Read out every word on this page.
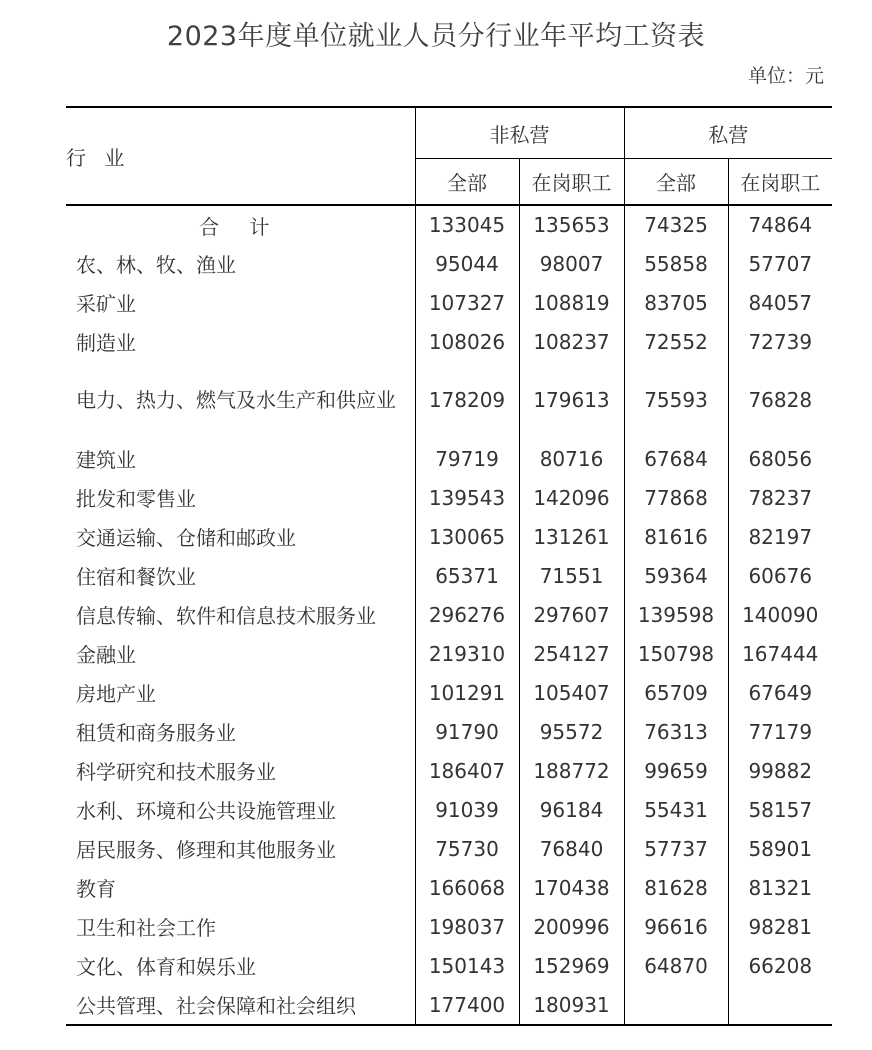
2023年度单位就业人员分行业年平均工资表
单位：元
行 业	非私营		私营	
	全部	在岗职工	全部	在岗职工
合 计	133045	135653	74325	74864
农、林、牧、渔业	95044	98007	55858	57707
采矿业	107327	108819	83705	84057
制造业	108026	108237	72552	72739
电力、热力、燃气及水生产和供应业	178209	179613	75593	76828
建筑业	79719	80716	67684	68056
批发和零售业	139543	142096	77868	78237
交通运输、仓储和邮政业	130065	131261	81616	82197
住宿和餐饮业	65371	71551	59364	60676
信息传输、软件和信息技术服务业	296276	297607	139598	140090
金融业	219310	254127	150798	167444
房地产业	101291	105407	65709	67649
租赁和商务服务业	91790	95572	76313	77179
科学研究和技术服务业	186407	188772	99659	99882
水利、环境和公共设施管理业	91039	96184	55431	58157
居民服务、修理和其他服务业	75730	76840	57737	58901
教育	166068	170438	81628	81321
卫生和社会工作	198037	200996	96616	98281
文化、体育和娱乐业	150143	152969	64870	66208
公共管理、社会保障和社会组织	177400	180931		
